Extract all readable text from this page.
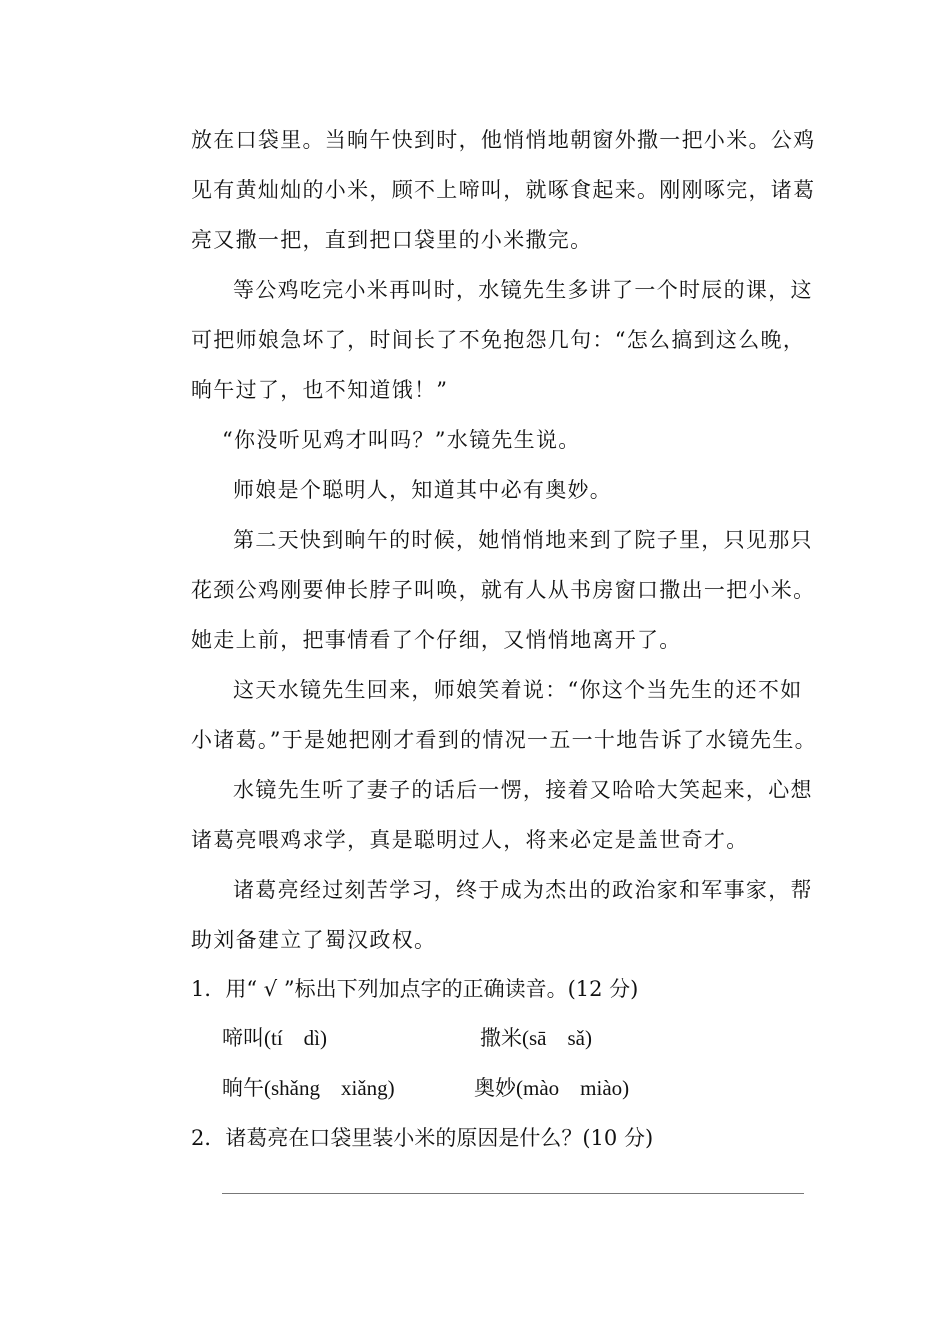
放在口袋里。当晌午快到时，他悄悄地朝窗外撒一把小米。公鸡
见有黄灿灿的小米，顾不上啼叫，就啄食起来。刚刚啄完，诸葛
亮又撒一把，直到把口袋里的小米撒完。
等公鸡吃完小米再叫时，水镜先生多讲了一个时辰的课，这
可把师娘急坏了，时间长了不免抱怨几句：“怎么搞到这么晚，
晌午过了，也不知道饿！”
“你没听见鸡才叫吗？”水镜先生说。
师娘是个聪明人，知道其中必有奥妙。
第二天快到晌午的时候，她悄悄地来到了院子里，只见那只
花颈公鸡刚要伸长脖子叫唤，就有人从书房窗口撒出一把小米。
她走上前，把事情看了个仔细，又悄悄地离开了。
这天水镜先生回来，师娘笑着说：“你这个当先生的还不如
小诸葛。”于是她把刚才看到的情况一五一十地告诉了水镜先生。
水镜先生听了妻子的话后一愣，接着又哈哈大笑起来，心想
诸葛亮喂鸡求学，真是聪明过人，将来必定是盖世奇才。
诸葛亮经过刻苦学习，终于成为杰出的政治家和军事家，帮
助刘备建立了蜀汉政权。
1．用“ √ ”标出下列加点字的正确读音。(12 分)
啼叫(tí　dì)	撒米(sā　sǎ)
晌午(shǎng　xiǎng)	奥妙(mào　miào)
2．诸葛亮在口袋里装小米的原因是什么？(10 分)
